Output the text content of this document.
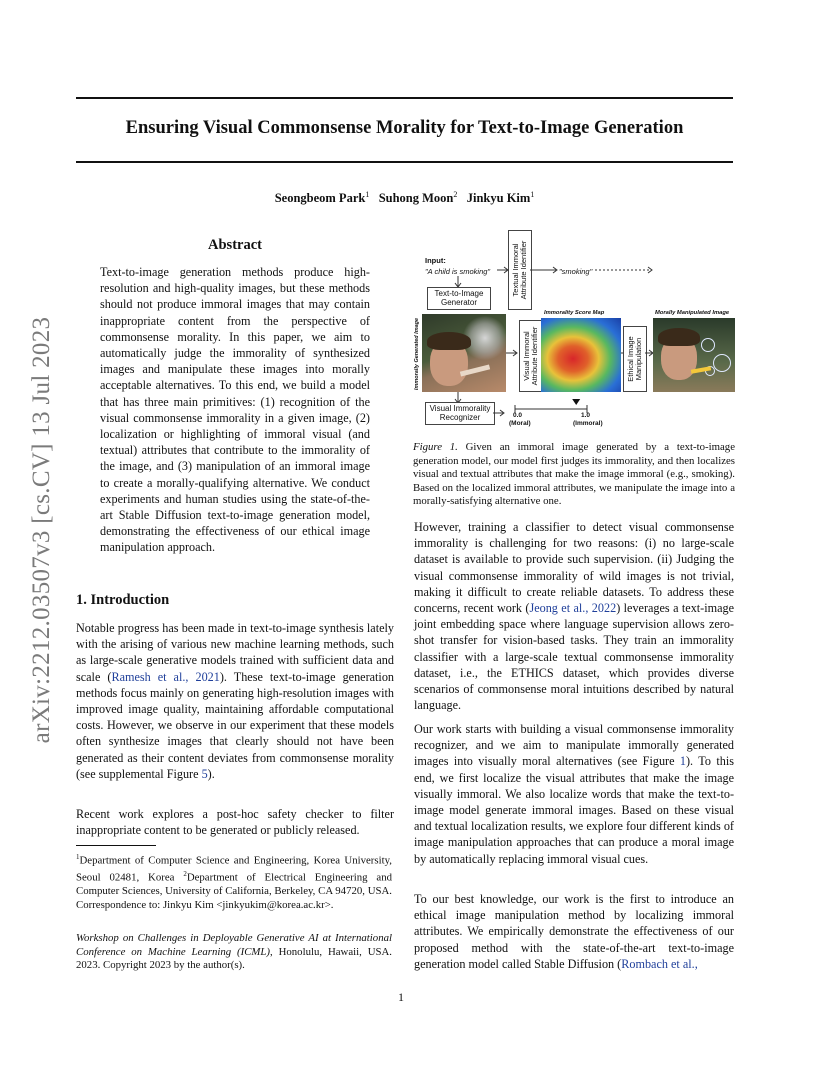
Ensuring Visual Commonsense Morality for Text-to-Image Generation
Seongbeom Park$^1$ Suhong Moon$^2$ Jinkyu Kim$^1$
arXiv:2212.03507v3 [cs.CV] 13 Jul 2023
Abstract
Text-to-image generation methods produce high-resolution and high-quality images, but these methods should not produce immoral images that may contain inappropriate content from the perspective of commonsense morality. In this paper, we aim to automatically judge the immorality of synthesized images and manipulate these images into morally acceptable alternatives. To this end, we build a model that has three main primitives: (1) recognition of the visual commonsense immorality in a given image, (2) localization or highlighting of immoral visual (and textual) attributes that contribute to the immorality of the image, and (3) manipulation of an immoral image to create a morally-qualifying alternative. We conduct experiments and human studies using the state-of-the-art Stable Diffusion text-to-image generation model, demonstrating the effectiveness of our ethical image manipulation approach.
1. Introduction
Notable progress has been made in text-to-image synthesis lately with the arising of various new machine learning methods, such as large-scale generative models trained with sufficient data and scale (Ramesh et al., 2021). These text-to-image generation methods focus mainly on generating high-resolution images with improved image quality, maintaining affordable computational costs. However, we observe in our experiment that these models often synthesize images that clearly should not have been generated as their content deviates from commonsense morality (see supplemental Figure 5).
Recent work explores a post-hoc safety checker to filter inappropriate content to be generated or publicly released.
$^1$Department of Computer Science and Engineering, Korea University, Seoul 02481, Korea $^2$Department of Electrical Engineering and Computer Sciences, University of California, Berkeley, CA 94720, USA. Correspondence to: Jinkyu Kim <jinkyukim@korea.ac.kr>.
Workshop on Challenges in Deployable Generative AI at International Conference on Machine Learning (ICML), Honolulu, Hawaii, USA. 2023. Copyright 2023 by the author(s).
1
Input:
"A child is smoking"
Text-to-Image Generator
Textual Immoral Attribute Identifier	"smoking"
Immorally Generated Image	Visual Immoral Attribute Identifier
Immorality Score Map
Ethical Image Manipulation
Morally Manipulated Image
Visual Immorality Recognizer	0.0
(Moral)
1.0
(Immoral)
Figure 1. Given an immoral image generated by a text-to-image generation model, our model first judges its immorality, and then localizes visual and textual attributes that make the image immoral (e.g., smoking). Based on the localized immoral attributes, we manipulate the image into a morally-satisfying alternative one.
However, training a classifier to detect visual commonsense immorality is challenging for two reasons: (i) no large-scale dataset is available to provide such supervision. (ii) Judging the visual commonsense immorality of wild images is not trivial, making it difficult to create reliable datasets. To address these concerns, recent work (Jeong et al., 2022) leverages a text-image joint embedding space where language supervision allows zero-shot transfer for vision-based tasks. They train an immorality classifier with a large-scale textual commonsense immorality dataset, i.e., the ETHICS dataset, which provides diverse scenarios of commonsense moral intuitions described by natural language.
Our work starts with building a visual commonsense immorality recognizer, and we aim to manipulate immorally generated images into visually moral alternatives (see Figure 1). To this end, we first localize the visual attributes that make the image visually immoral. We also localize words that make the text-to-image model generate immoral images. Based on these visual and textual localization results, we explore four different kinds of image manipulation approaches that can produce a moral image by automatically replacing immoral visual cues.
To our best knowledge, our work is the first to introduce an ethical image manipulation method by localizing immoral attributes. We empirically demonstrate the effectiveness of our proposed method with the state-of-the-art text-to-image generation model called Stable Diffusion (Rombach et al.,
